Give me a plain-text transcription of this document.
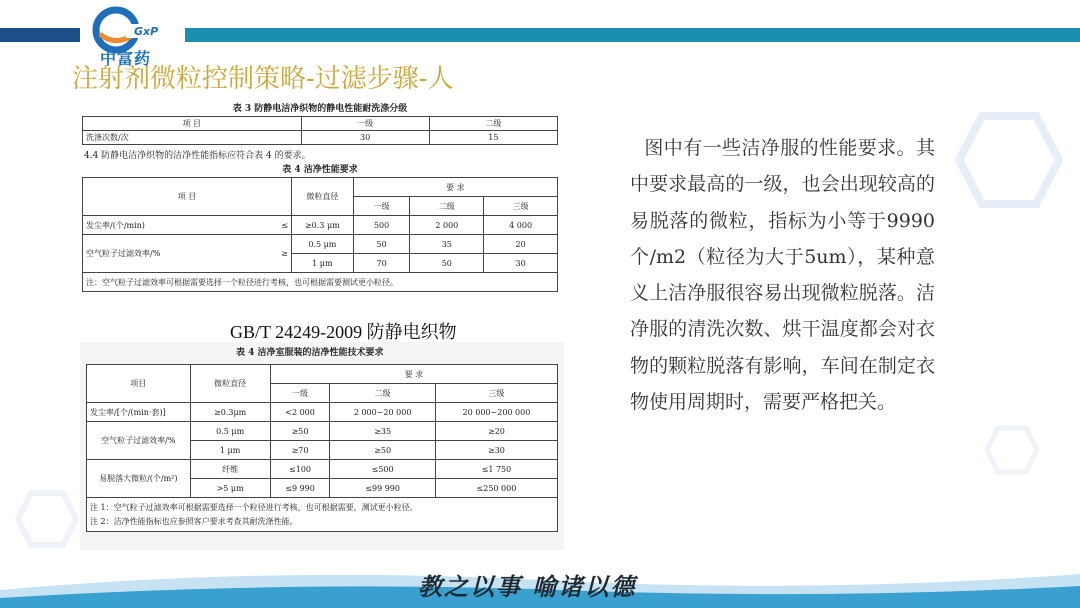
GxP
中富药
注射剂微粒控制策略-过滤步骤-人
表 3 防静电洁净织物的静电性能耐洗涤分级
项 目	一级	二级
洗涤次数/次	30	15
4.4 防静电洁净织物的洁净性能指标应符合表 4 的要求。
表 4 洁净性能要求
项 目		微粒直径	要 求		
			一级	二级	三级
发尘率/(个/min)	≤	≥0.3 μm	500	2 000	4 000
空气粒子过滤效率/%	≥	0.5 μm	50	35	20
		1 μm	70	50	30
注：空气粒子过滤效率可根据需要选择一个粒径进行考核，也可根据需要测试更小粒径。					
GB/T 24249-2009 防静电织物
表 4 洁净室服装的洁净性能技术要求
项目	微粒直径	要 求		
		一级	二级	三级
发尘率/[个/(min·套)]	≥0.3μm	<2 000	2 000~20 000	20 000~200 000
空气粒子过滤效率/%	0.5 μm	≥50	≥35	≥20
	1 μm	≥70	≥50	≥30
易脱落大微粒/(个/m²)	纤维	≤100	≤500	≤1 750
	>5 μm	≤9 990	≤99 990	≤250 000

注 1：空气粒子过滤效率可根据需要选择一个粒径进行考核，也可根据需要，测试更小粒径。
注 2：洁净性能指标也应参照客户要求考查其耐洗涤性能。				
图中有一些洁净服的性能要求。其中要求最高的一级，也会出现较高的易脱落的微粒，指标为小等于9990个/m2（粒径为大于5um），某种意义上洁净服很容易出现微粒脱落。洁净服的清洗次数、烘干温度都会对衣物的颗粒脱落有影响，车间在制定衣物使用周期时，需要严格把关。
教之以事 喻诸以德
